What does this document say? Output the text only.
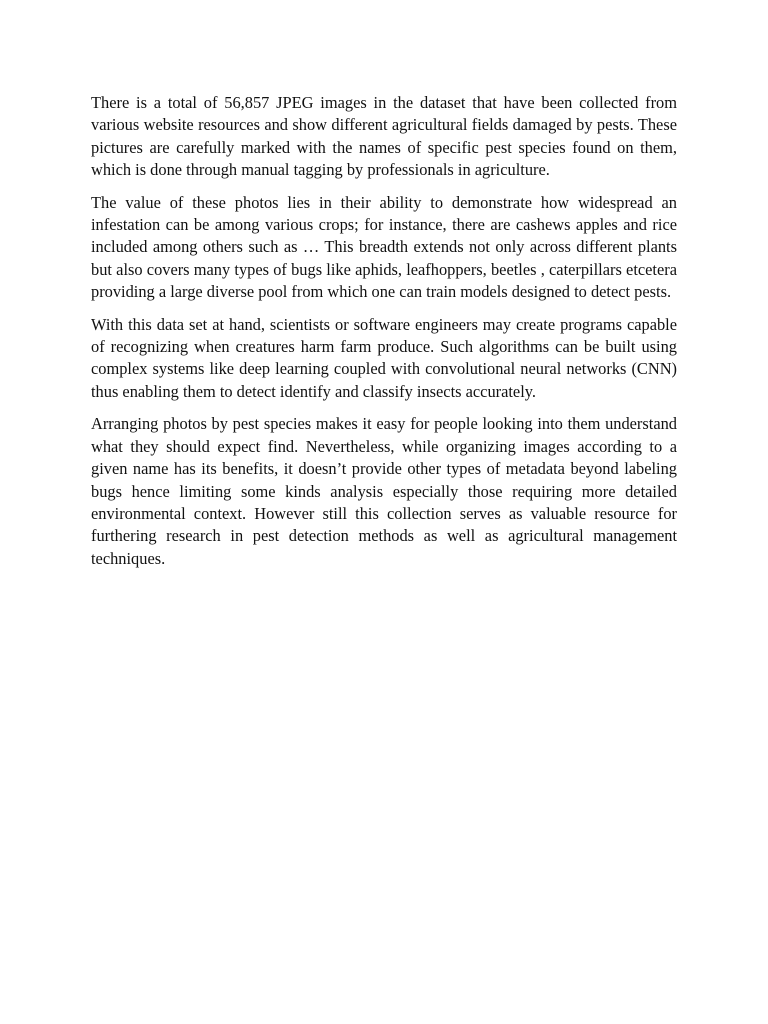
There is a total of 56,857 JPEG images in the dataset that have been collected from various website resources and show different agricultural fields damaged by pests. These pictures are carefully marked with the names of specific pest species found on them, which is done through manual tagging by professionals in agriculture.

The value of these photos lies in their ability to demonstrate how widespread an infestation can be among various crops; for instance, there are cashews apples and rice included among others such as … This breadth extends not only across different plants but also covers many types of bugs like aphids, leafhoppers, beetles , caterpillars etcetera providing a large diverse pool from which one can train models designed to detect pests.

With this data set at hand, scientists or software engineers may create programs capable of recognizing when creatures harm farm produce. Such algorithms can be built using complex systems like deep learning coupled with convolutional neural networks (CNN) thus enabling them to detect identify and classify insects accurately.

Arranging photos by pest species makes it easy for people looking into them understand what they should expect find. Nevertheless, while organizing images according to a given name has its benefits, it doesn’t provide other types of metadata beyond labeling bugs hence limiting some kinds analysis especially those requiring more detailed environmental context. However still this collection serves as valuable resource for furthering research in pest detection methods as well as agricultural management techniques.
